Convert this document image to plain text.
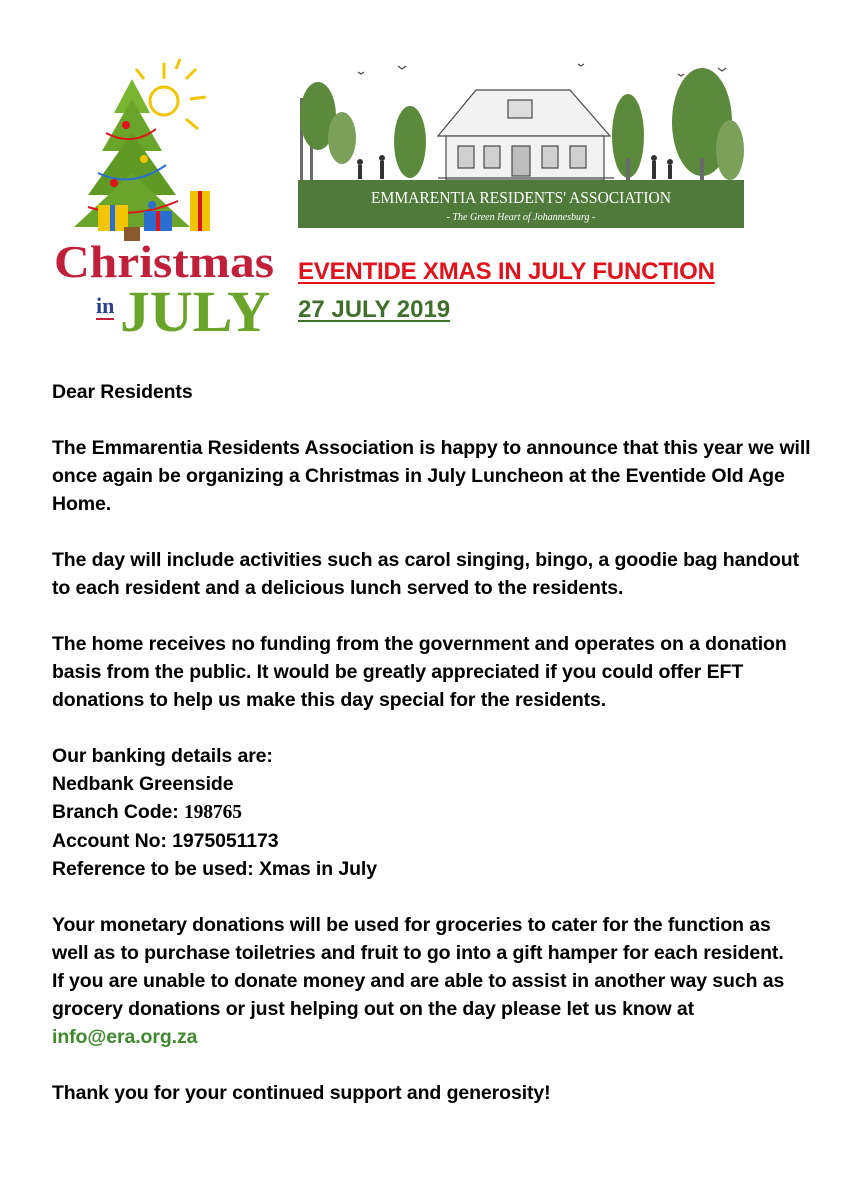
Christmas
in JULY
EMMARENTIA RESIDENTS' ASSOCIATION
- The Green Heart of Johannesburg -
EVENTIDE XMAS IN JULY FUNCTION
27 JULY 2019

Dear Residents

The Emmarentia Residents Association is happy to announce that this year we will once again be organizing a Christmas in July Luncheon at the Eventide Old Age Home.

The day will include activities such as carol singing, bingo, a goodie bag handout to each resident and a delicious lunch served to the residents.

The home receives no funding from the government and operates on a donation basis from the public. It would be greatly appreciated if you could offer EFT donations to help us make this day special for the residents.

Our banking details are:
Nedbank Greenside
Branch Code: 198765
Account No: 1975051173
Reference to be used: Xmas in July

Your monetary donations will be used for groceries to cater for the function as well as to purchase toiletries and fruit to go into a gift hamper for each resident.

If you are unable to donate money and are able to assist in another way such as grocery donations or just helping out on the day please let us know at
info@era.org.za

Thank you for your continued support and generosity!
